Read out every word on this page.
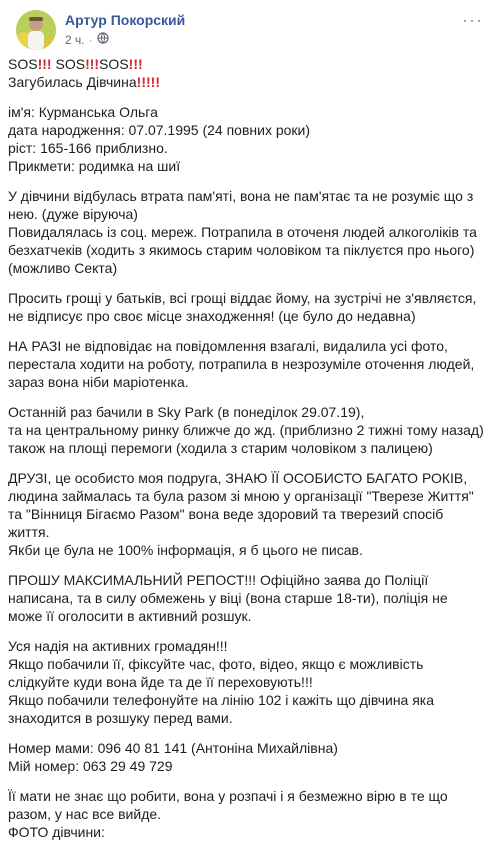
Артур Покорский
2 ч. ·
···
SOS!!! SOS!!!SOS!!!
Загубилась Дівчина!!!!!
ім'я: Курманська Ольга
дата народження: 07.07.1995 (24 повних роки)
ріст: 165-166 приблизно.
Прикмети: родимка на шиї
У дівчини відбулась втрата пам'яті, вона не пам'ятає та не розуміє що з
нею. (дуже віруюча)
Повидалялась із соц. мереж. Потрапила в оточеня людей алкоголіків та
безхатчеків (ходить з якимось старим чоловіком та піклуєтся про нього)
(можливо Секта)
Просить грощі у батьків, всі грощі віддає йому, на зустрічі не з'являєтся,
не відписує про своє місце знаходження! (це було до недавна)
НА РАЗІ не відповідає на повідомлення взагалі, видалила усі фото,
перестала ходити на роботу, потрапила в незрозуміле оточення людей,
зараз вона ніби маріотенка.
Останній раз бачили в Sky Park (в понеділок 29.07.19),
та на центральному ринку ближче до жд. (приблизно 2 тижні тому назад)
також на площі перемоги (ходила з старим чоловіком з палицею)
ДРУЗІ, це особисто моя подруга, ЗНАЮ ЇЇ ОСОБИСТО БАГАТО РОКІВ,
людина займалась та була разом зі мною у організації "Тверезе Життя"
та "Вінниця Бігаємо Разом" вона веде здоровий та тверезий спосіб
життя.
Якби це була не 100% інформація, я б цього не писав.
ПРОШУ МАКСИМАЛЬНИЙ РЕПОСТ!!! Офіційно заява до Поліції
написана, та в силу обмежень у віці (вона старше 18-ти), поліція не
може її оголосити в активний розшук.
Уся надія на активних громадян!!!
Якщо побачили її, фіксуйте час, фото, відео, якщо є можливість
слідкуйте куди вона йде та де її переховують!!!
Якщо побачили телефонуйте на лінію 102 і кажіть що дівчина яка
знаходится в розшуку перед вами.
Номер мами: 096 40 81 141 (Антоніна Михайлівна)
Мій номер: 063 29 49 729
Її мати не знає що робити, вона у розпачі і я безмежно вірю в те що
разом, у нас все вийде.
ФОТО дівчини:
